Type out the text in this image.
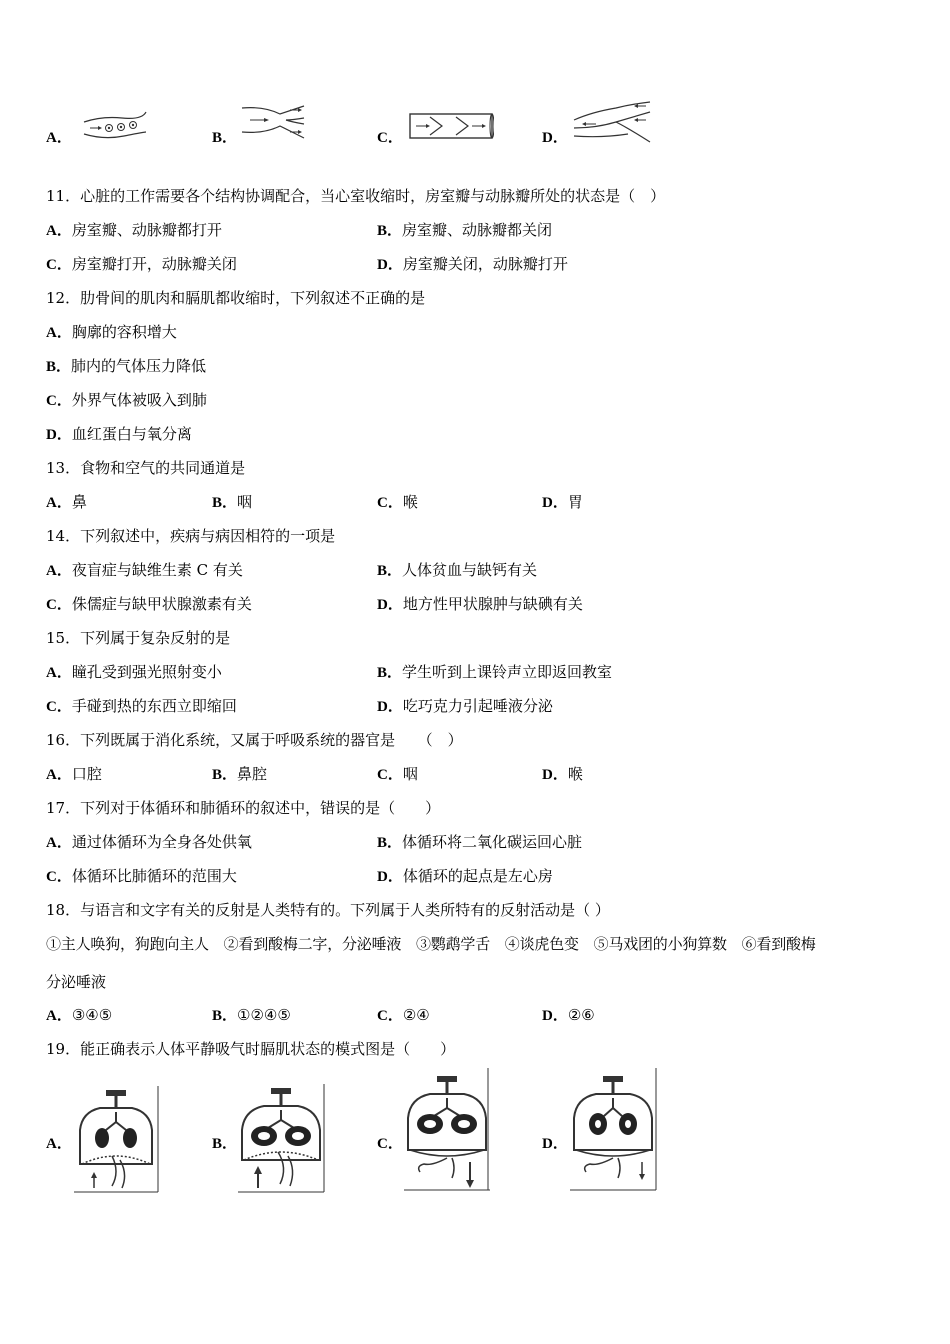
A．	B．	C．	D．
11．心脏的工作需要各个结构协调配合，当心室收缩时，房室瓣与动脉瓣所处的状态是（　）
A．房室瓣、动脉瓣都打开	B．房室瓣、动脉瓣都关闭
C．房室瓣打开，动脉瓣关闭	D．房室瓣关闭，动脉瓣打开
12．肋骨间的肌肉和膈肌都收缩时，下列叙述不正确的是
A．胸廓的容积增大
B．肺内的气体压力降低
C．外界气体被吸入到肺
D．血红蛋白与氧分离
13．食物和空气的共同通道是
A．鼻	B．咽	C．喉	D．胃
14．下列叙述中，疾病与病因相符的一项是
A．夜盲症与缺维生素 C 有关	B．人体贫血与缺钙有关
C．侏儒症与缺甲状腺激素有关	D．地方性甲状腺肿与缺碘有关
15．下列属于复杂反射的是
A．瞳孔受到强光照射变小	B．学生听到上课铃声立即返回教室
C．手碰到热的东西立即缩回	D．吃巧克力引起唾液分泌
16．下列既属于消化系统，又属于呼吸系统的器官是　　（　）
A．口腔	B．鼻腔	C．咽	D．喉
17．下列对于体循环和肺循环的叙述中，错误的是（　　）
A．通过体循环为全身各处供氧	B．体循环将二氧化碳运回心脏
C．体循环比肺循环的范围大	D．体循环的起点是左心房
18．与语言和文字有关的反射是人类特有的。下列属于人类所特有的反射活动是（ ）
①主人唤狗，狗跑向主人　②看到酸梅二字，分泌唾液　③鹦鹉学舌　④谈虎色变　⑤马戏团的小狗算数　⑥看到酸梅
分泌唾液
A．③④⑤	B．①②④⑤	C．②④	D．②⑥
19．能正确表示人体平静吸气时膈肌状态的模式图是（　　）
A．	B．	C．	D．
